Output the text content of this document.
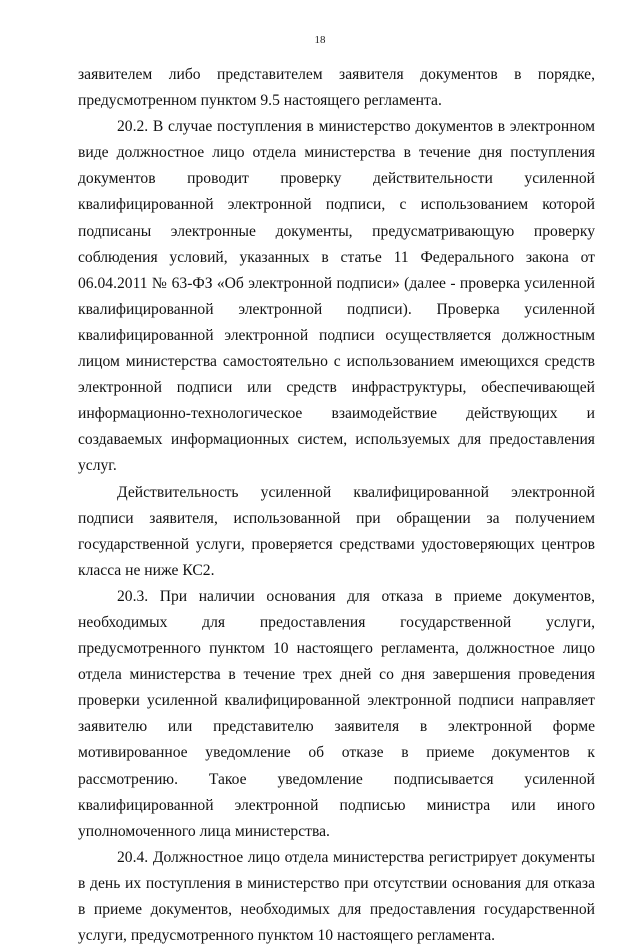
18

заявителем либо представителем заявителя документов в порядке, предусмотренном пунктом 9.5 настоящего регламента.

20.2. В случае поступления в министерство документов в электронном виде должностное лицо отдела министерства в течение дня поступления документов проводит проверку действительности усиленной квалифицированной электронной подписи, с использованием которой подписаны электронные документы, предусматривающую проверку соблюдения условий, указанных в статье 11 Федерального закона от 06.04.2011 № 63-ФЗ «Об электронной подписи» (далее - проверка усиленной квалифицированной электронной подписи). Проверка усиленной квалифицированной электронной подписи осуществляется должностным лицом министерства самостоятельно с использованием имеющихся средств электронной подписи или средств инфраструктуры, обеспечивающей информационно-технологическое взаимодействие действующих и создаваемых информационных систем, используемых для предоставления услуг.

Действительность усиленной квалифицированной электронной подписи заявителя, использованной при обращении за получением государственной услуги, проверяется средствами удостоверяющих центров класса не ниже КС2.

20.3. При наличии основания для отказа в приеме документов, необходимых для предоставления государственной услуги, предусмотренного пунктом 10 настоящего регламента, должностное лицо отдела министерства в течение трех дней со дня завершения проведения проверки усиленной квалифицированной электронной подписи направляет заявителю или представителю заявителя в электронной форме мотивированное уведомление об отказе в приеме документов к рассмотрению. Такое уведомление подписывается усиленной квалифицированной электронной подписью министра или иного уполномоченного лица министерства.

20.4. Должностное лицо отдела министерства регистрирует документы в день их поступления в министерство при отсутствии основания для отказа в приеме документов, необходимых для предоставления государственной услуги, предусмотренного пунктом 10 настоящего регламента.
